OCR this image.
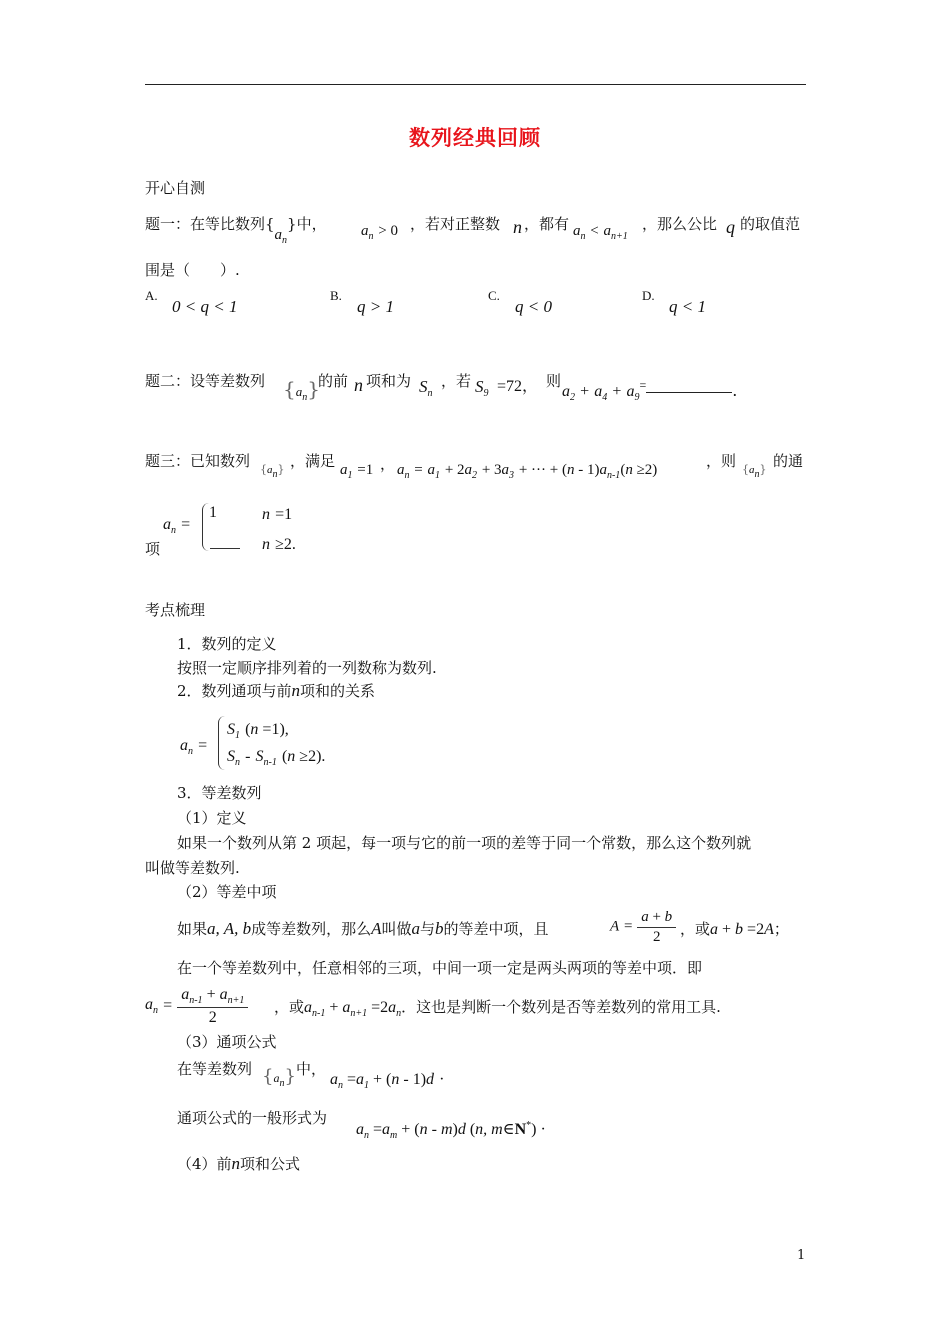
数列经典回顾
开心自测
题一：在等比数列$\{a_n\}$中， $a_n > 0$ ，若对正整数 n ，都有 $a_n < a_{n+1}$
，那么公比 q 的取值范
围是（　　）.
A.
0 < q < 1
B.
q > 1
C.
q < 0
D.
q < 1
题二：设等差数列 $\{a_n\}$
的前 n 项和为 $S_n$
，若 $S_9 =72$， 则
$a_2 + a_4 + a_9^=$	.
题三：已知数列 {an} ，满足 $a_1 =1$ ， $a_n = a_1 + 2a_2 + 3a_3$ + ··· + $(n - 1)a_{n-1}(n \ge 2)$	，则 {an} 的通
$a_n$ =
1	n =1
n ≥2.
项
考点梳理
1．数列的定义
按照一定顺序排列着的一列数称为数列.
2．数列通项与前n项和的关系
$a_n$ =
$S_1$ (n =1),
$S_n - S_{n-1}$ (n ≥2).
3．等差数列
（1）定义
如果一个数列从第 2 项起，每一项与它的前一项的差等于同一个常数，那么这个数列就
叫做等差数列.
（2）等差中项
如果a, A, b成等差数列，那么A叫做a与b的等差中项，且	$A = \frac{a + b}{2}$ ，或a + b =2A；
在一个等差数列中，任意相邻的三项，中间一项一定是两头两项的等差中项．即
$a_n = \frac{a_{n-1} + a_{n+1}}{2}$ ，或$a_{n-1} + a_{n+1} =2a_n$．这也是判断一个数列是否等差数列的常用工具.
（3）通项公式
在等差数列 $\{a_n\}$ 中，
$a_n =a_1 + (n - 1)d$ ·
通项公式的一般形式为
$a_n =a_m + (n - m)d$ (n, m∈N*) ·
（4）前n项和公式
1
